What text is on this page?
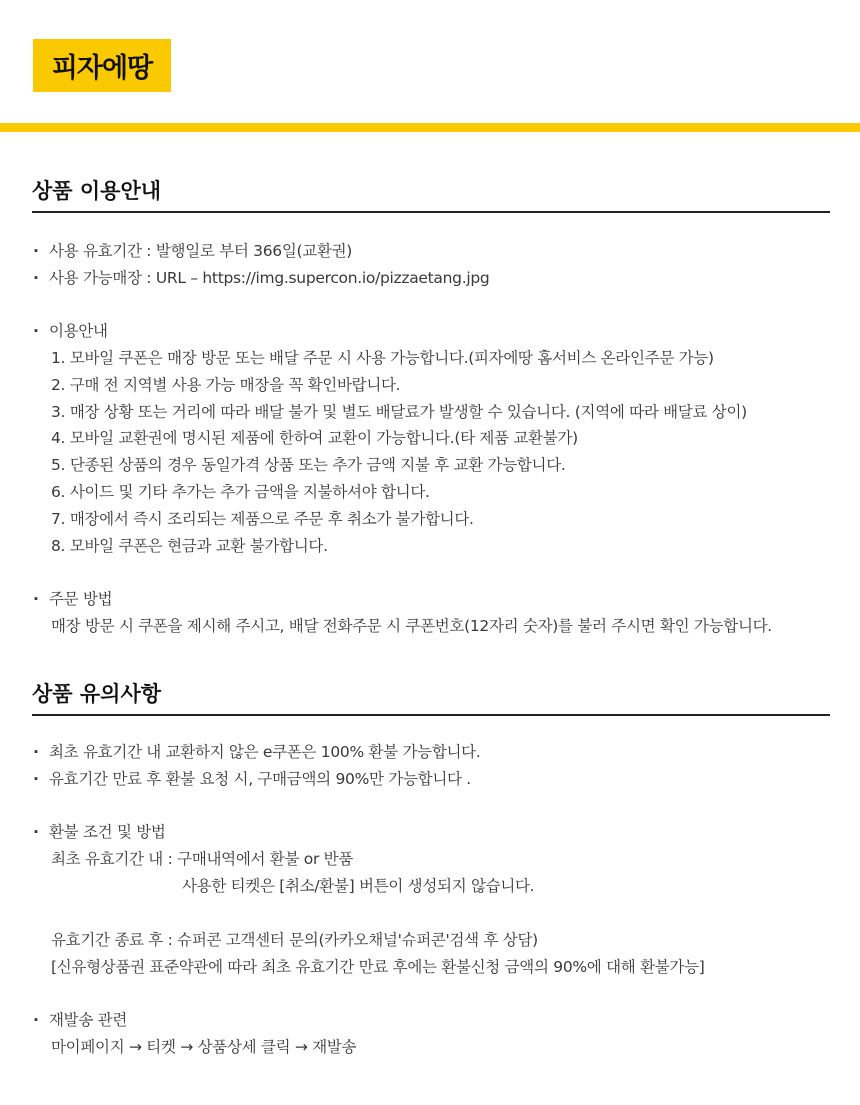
피자에땅
상품 이용안내
· 사용 유효기간 : 발행일로 부터 366일(교환권)
· 사용 가능매장 : URL – https://img.supercon.io/pizzaetang.jpg
· 이용안내
1. 모바일 쿠폰은 매장 방문 또는 배달 주문 시 사용 가능합니다.(피자에땅 홈서비스 온라인주문 가능)
2. 구매 전 지역별 사용 가능 매장을 꼭 확인바랍니다.
3. 매장 상황 또는 거리에 따라 배달 불가 및 별도 배달료가 발생할 수 있습니다. (지역에 따라 배달료 상이)
4. 모바일 교환권에 명시된 제품에 한하여 교환이 가능합니다.(타 제품 교환불가)
5. 단종된 상품의 경우 동일가격 상품 또는 추가 금액 지불 후 교환 가능합니다.
6. 사이드 및 기타 추가는 추가 금액을 지불하셔야 합니다.
7. 매장에서 즉시 조리되는 제품으로 주문 후 취소가 불가합니다.
8. 모바일 쿠폰은 현금과 교환 불가합니다.
· 주문 방법
매장 방문 시 쿠폰을 제시해 주시고, 배달 전화주문 시 쿠폰번호(12자리 숫자)를 불러 주시면 확인 가능합니다.
상품 유의사항
· 최초 유효기간 내 교환하지 않은 e쿠폰은 100% 환불 가능합니다.
· 유효기간 만료 후 환불 요청 시, 구매금액의 90%만 가능합니다 .
· 환불 조건 및 방법
최초 유효기간 내 : 구매내역에서 환불 or 반품
사용한 티켓은 [취소/환불] 버튼이 생성되지 않습니다.
유효기간 종료 후 : 슈퍼콘 고객센터 문의(카카오채널'슈퍼콘'검색 후 상담)
[신유형상품권 표준약관에 따라 최초 유효기간 만료 후에는 환불신청 금액의 90%에 대해 환불가능]
· 재발송 관련
마이페이지 → 티켓 → 상품상세 클릭 → 재발송
